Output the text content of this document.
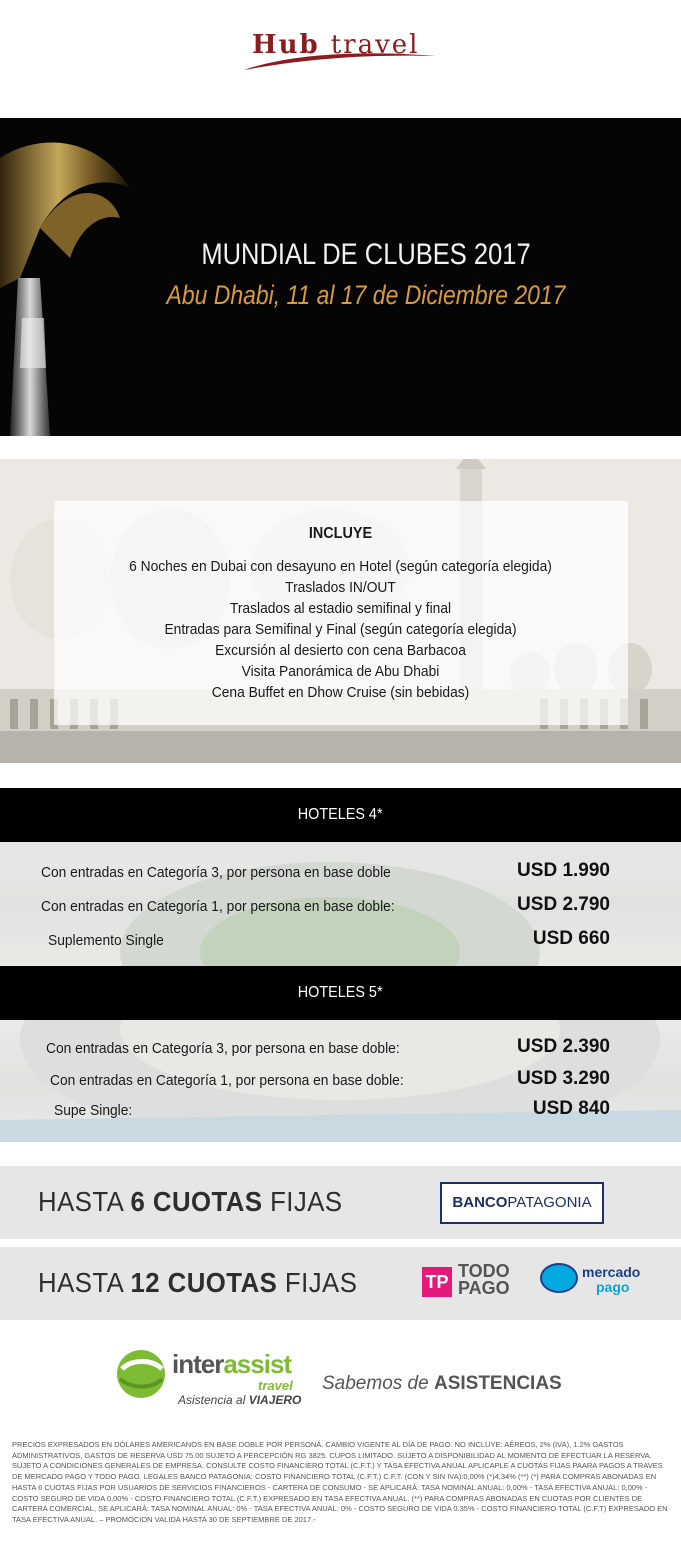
Hub travel
MUNDIAL DE CLUBES 2017
Abu Dhabi, 11 al 17 de Diciembre 2017
INCLUYE
6 Noches en Dubai con desayuno en Hotel (según categoría elegida)
Traslados IN/OUT
Traslados al estadio semifinal y final
Entradas para Semifinal y Final (según categoría elegida)
Excursión al desierto con cena Barbacoa
Visita Panorámica de Abu Dhabi
Cena Buffet en Dhow Cruise (sin bebidas)
HOTELES 4*
Con entradas en Categoría 3, por persona en base doble	USD 1.990
Con entradas en Categoría 1, por persona en base doble:	USD 2.790
Suplemento Single	USD 660
HOTELES 5*
Con entradas en Categoría 3, por persona en base doble:	USD 2.390
Con entradas en Categoría 1, por persona en base doble:	USD 3.290
Supe Single:	USD 840
HASTA 6 CUOTAS FIJAS	BANCOPATAGONIA
HASTA 12 CUOTAS FIJAS	TP
TODO
PAGO
mercado
pago
interassist
travel
Asistencia al VIAJERO
Sabemos de ASISTENCIAS
PRECIOS EXPRESADOS EN DÓLARES AMERICANOS EN BASE DOBLE POR PERSONA. CAMBIO VIGENTE AL DÍA DE PAGO. NO INCLUYE: AÉREOS, 2% (IVA), 1.2% GASTOS ADMINISTRATIVOS, GASTOS DE RESERVA USD 75.00 SUJETO A PERCEPCIÓN RG 3825. CUPOS LIMITADO. SUJETO A DISPONIBILIDAD AL MOMENTO DE EFECTUAR LA RESERVA. SUJETO A CONDICIONES GENERALES DE EMPRESA. CONSULTE COSTO FINANCIERO TOTAL (C.F.T.) Y TASA EFECTIVA ANUAL APLICAPLE A CUOTAS FIJAS PAARA PAGOS A TRAVES DE MERCADO PAGO Y TODO PAGO. LEGALES BANCO PATAGONIA: COSTO FINANCIERO TOTAL (C.F.T.) C.F.T. (CON Y SIN IVA):0,00% (*)4,34% (**) (*) PARA COMPRAS ABONADAS EN HASTA 6 CUOTAS FIJAS POR USUARIOS DE SERVICIOS FINANCIEROS - CARTERA DE CONSUMO - SE APLICARÁ: TASA NOMINAL ANUAL: 0,00% - TASA EFECTIVA ANUAL: 0,00% - COSTO SEGURO DE VIDA 0,00% - COSTO FINANCIERO TOTAL (C.F.T.) EXPRESADO EN TASA EFECTIVA ANUAL. (**) PARA COMPRAS ABONADAS EN CUOTAS POR CLIENTES DE CARTERA COMERCIAL, SE APLICARÁ: TASA NOMINAL ANUAL: 0% - TASA EFECTIVA ANUAL: 0% - COSTO SEGURO DE VIDA 0.35% - COSTO FINANCIERO TOTAL (C.F.T) EXPRESADO EN TASA EFECTIVA ANUAL. – PROMOCION VALIDA HASTA 30 DE SEPTIEMBRE DE 2017.-
